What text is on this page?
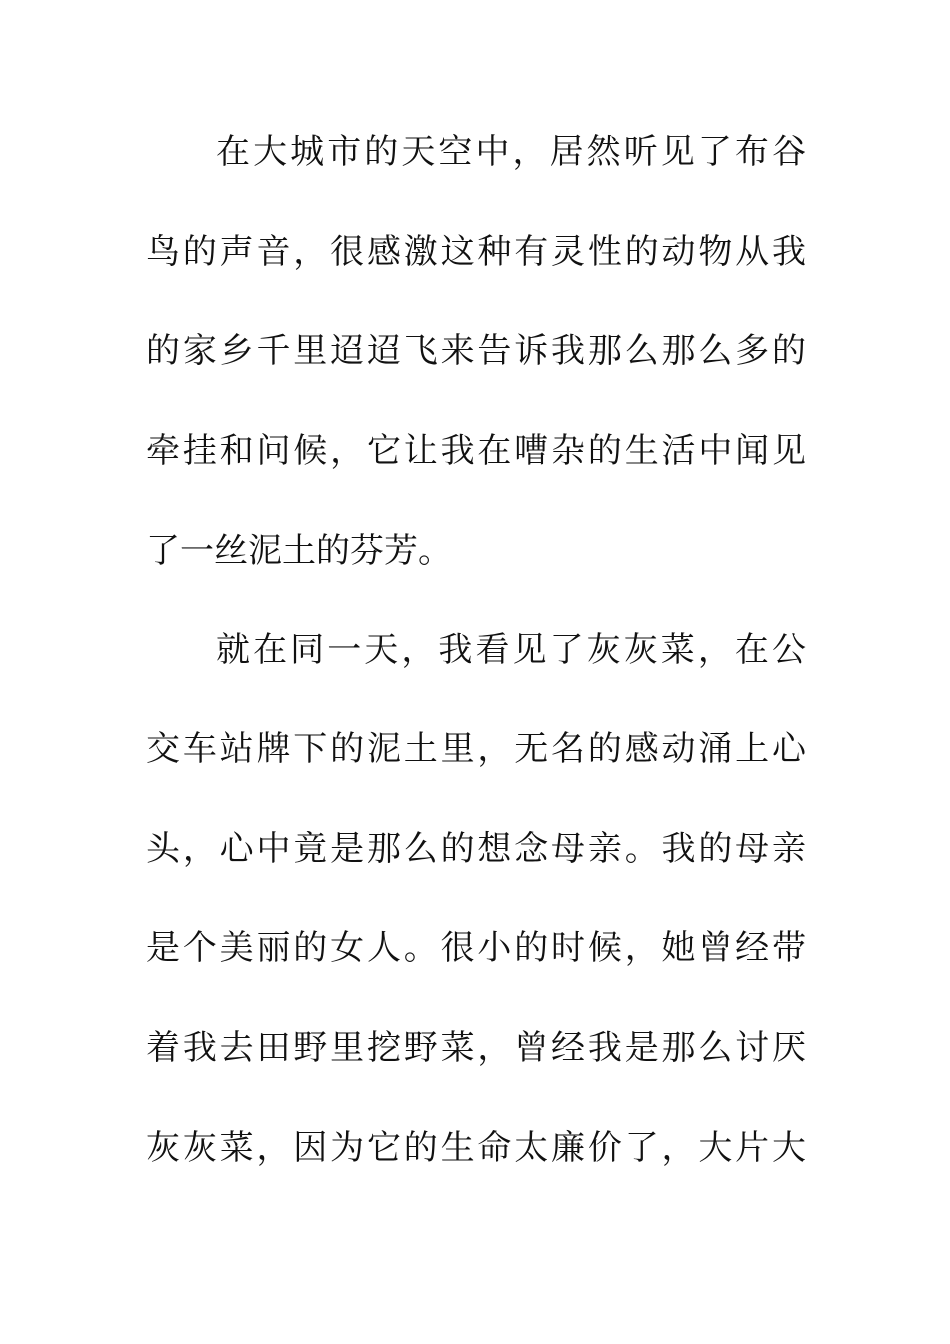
在大城市的天空中，居然听见了布谷
鸟的声音，很感激这种有灵性的动物从我
的家乡千里迢迢飞来告诉我那么那么多的
牵挂和问候，它让我在嘈杂的生活中闻见
了一丝泥土的芬芳。
就在同一天，我看见了灰灰菜，在公
交车站牌下的泥土里，无名的感动涌上心
头，心中竟是那么的想念母亲。我的母亲
是个美丽的女人。很小的时候，她曾经带
着我去田野里挖野菜，曾经我是那么讨厌
灰灰菜，因为它的生命太廉价了，大片大
